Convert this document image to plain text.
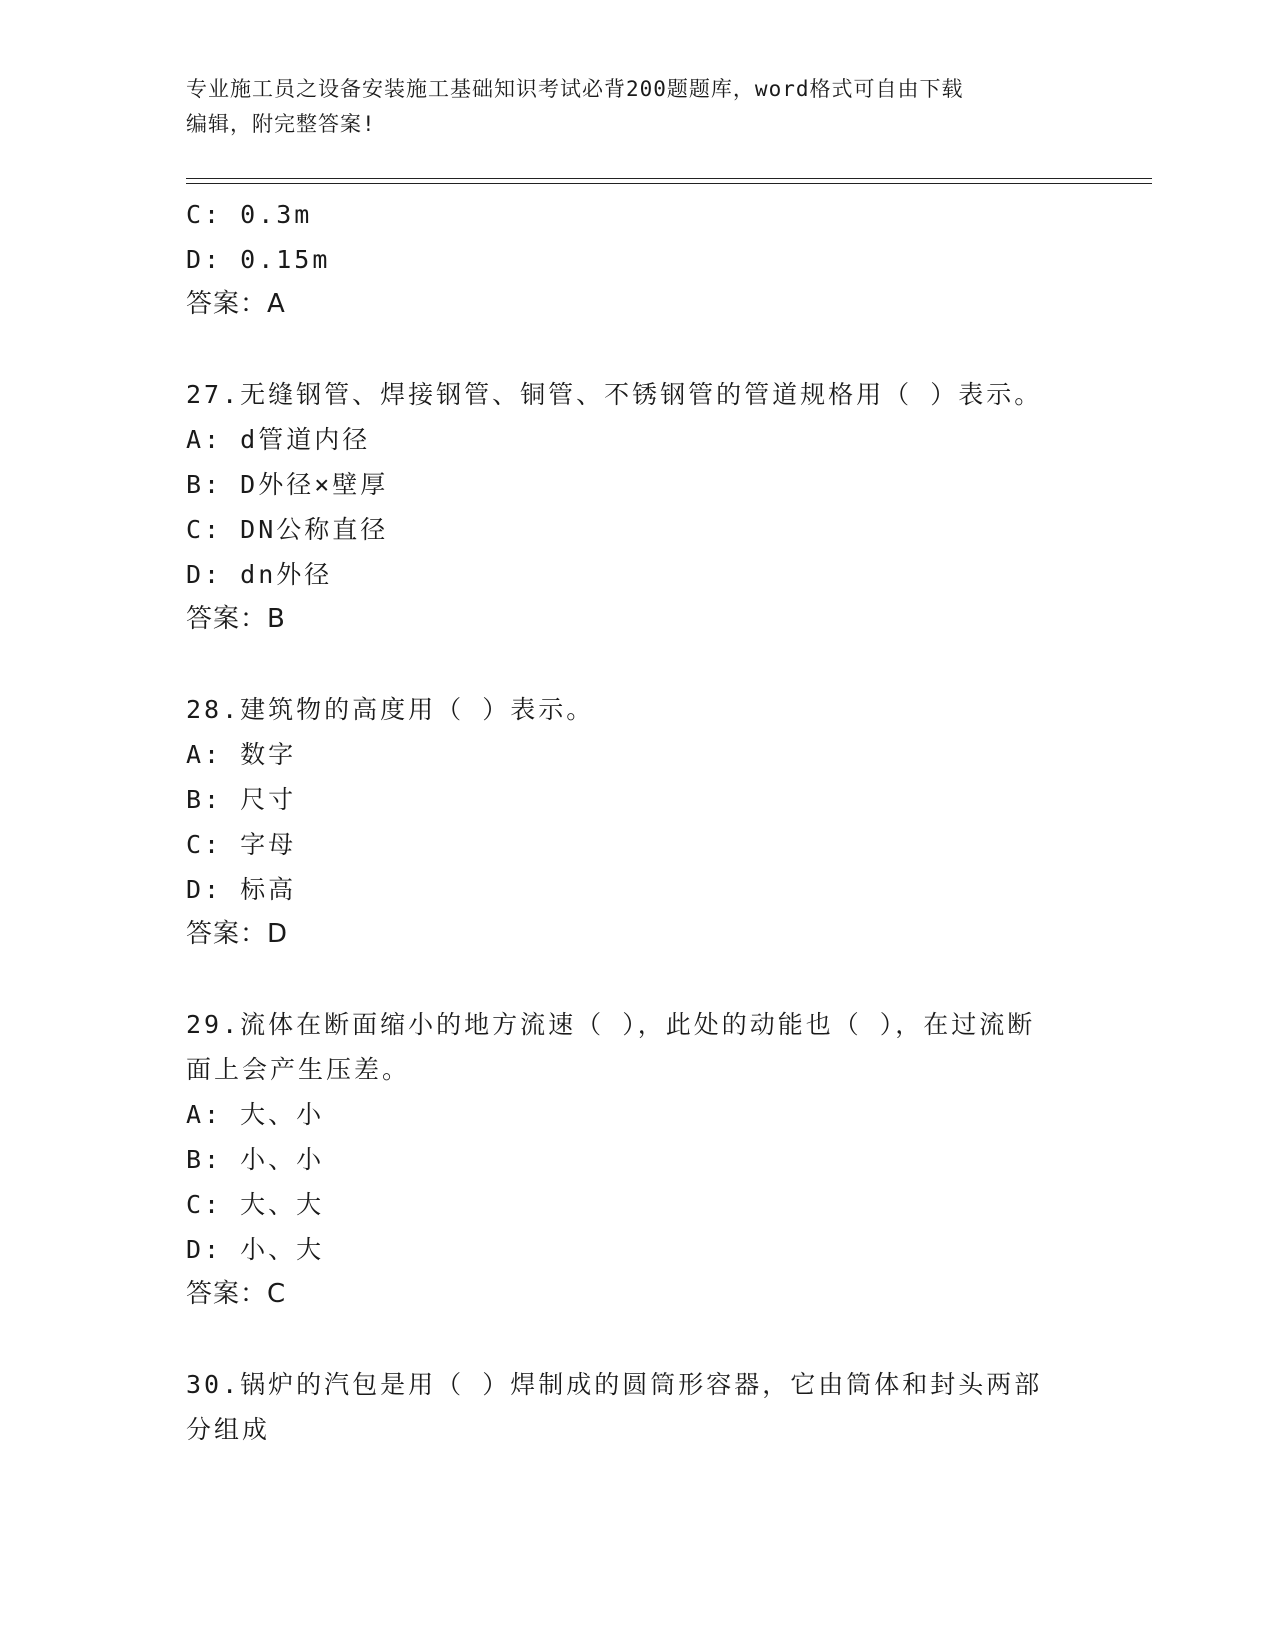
专业施工员之设备安装施工基础知识考试必背200题题库，word格式可自由下载
编辑，附完整答案!
C: 0.3m
D: 0.15m
答案：A
27.无缝钢管、焊接钢管、铜管、不锈钢管的管道规格用（ ）表示。
A: d管道内径
B: D外径×壁厚
C: DN公称直径
D: dn外径
答案：B
28.建筑物的高度用（ ）表示。
A: 数字
B: 尺寸
C: 字母
D: 标高
答案：D
29.流体在断面缩小的地方流速（ ），此处的动能也（ ），在过流断
面上会产生压差。
A: 大、小
B: 小、小
C: 大、大
D: 小、大
答案：C
30.锅炉的汽包是用（ ）焊制成的圆筒形容器，它由筒体和封头两部
分组成
